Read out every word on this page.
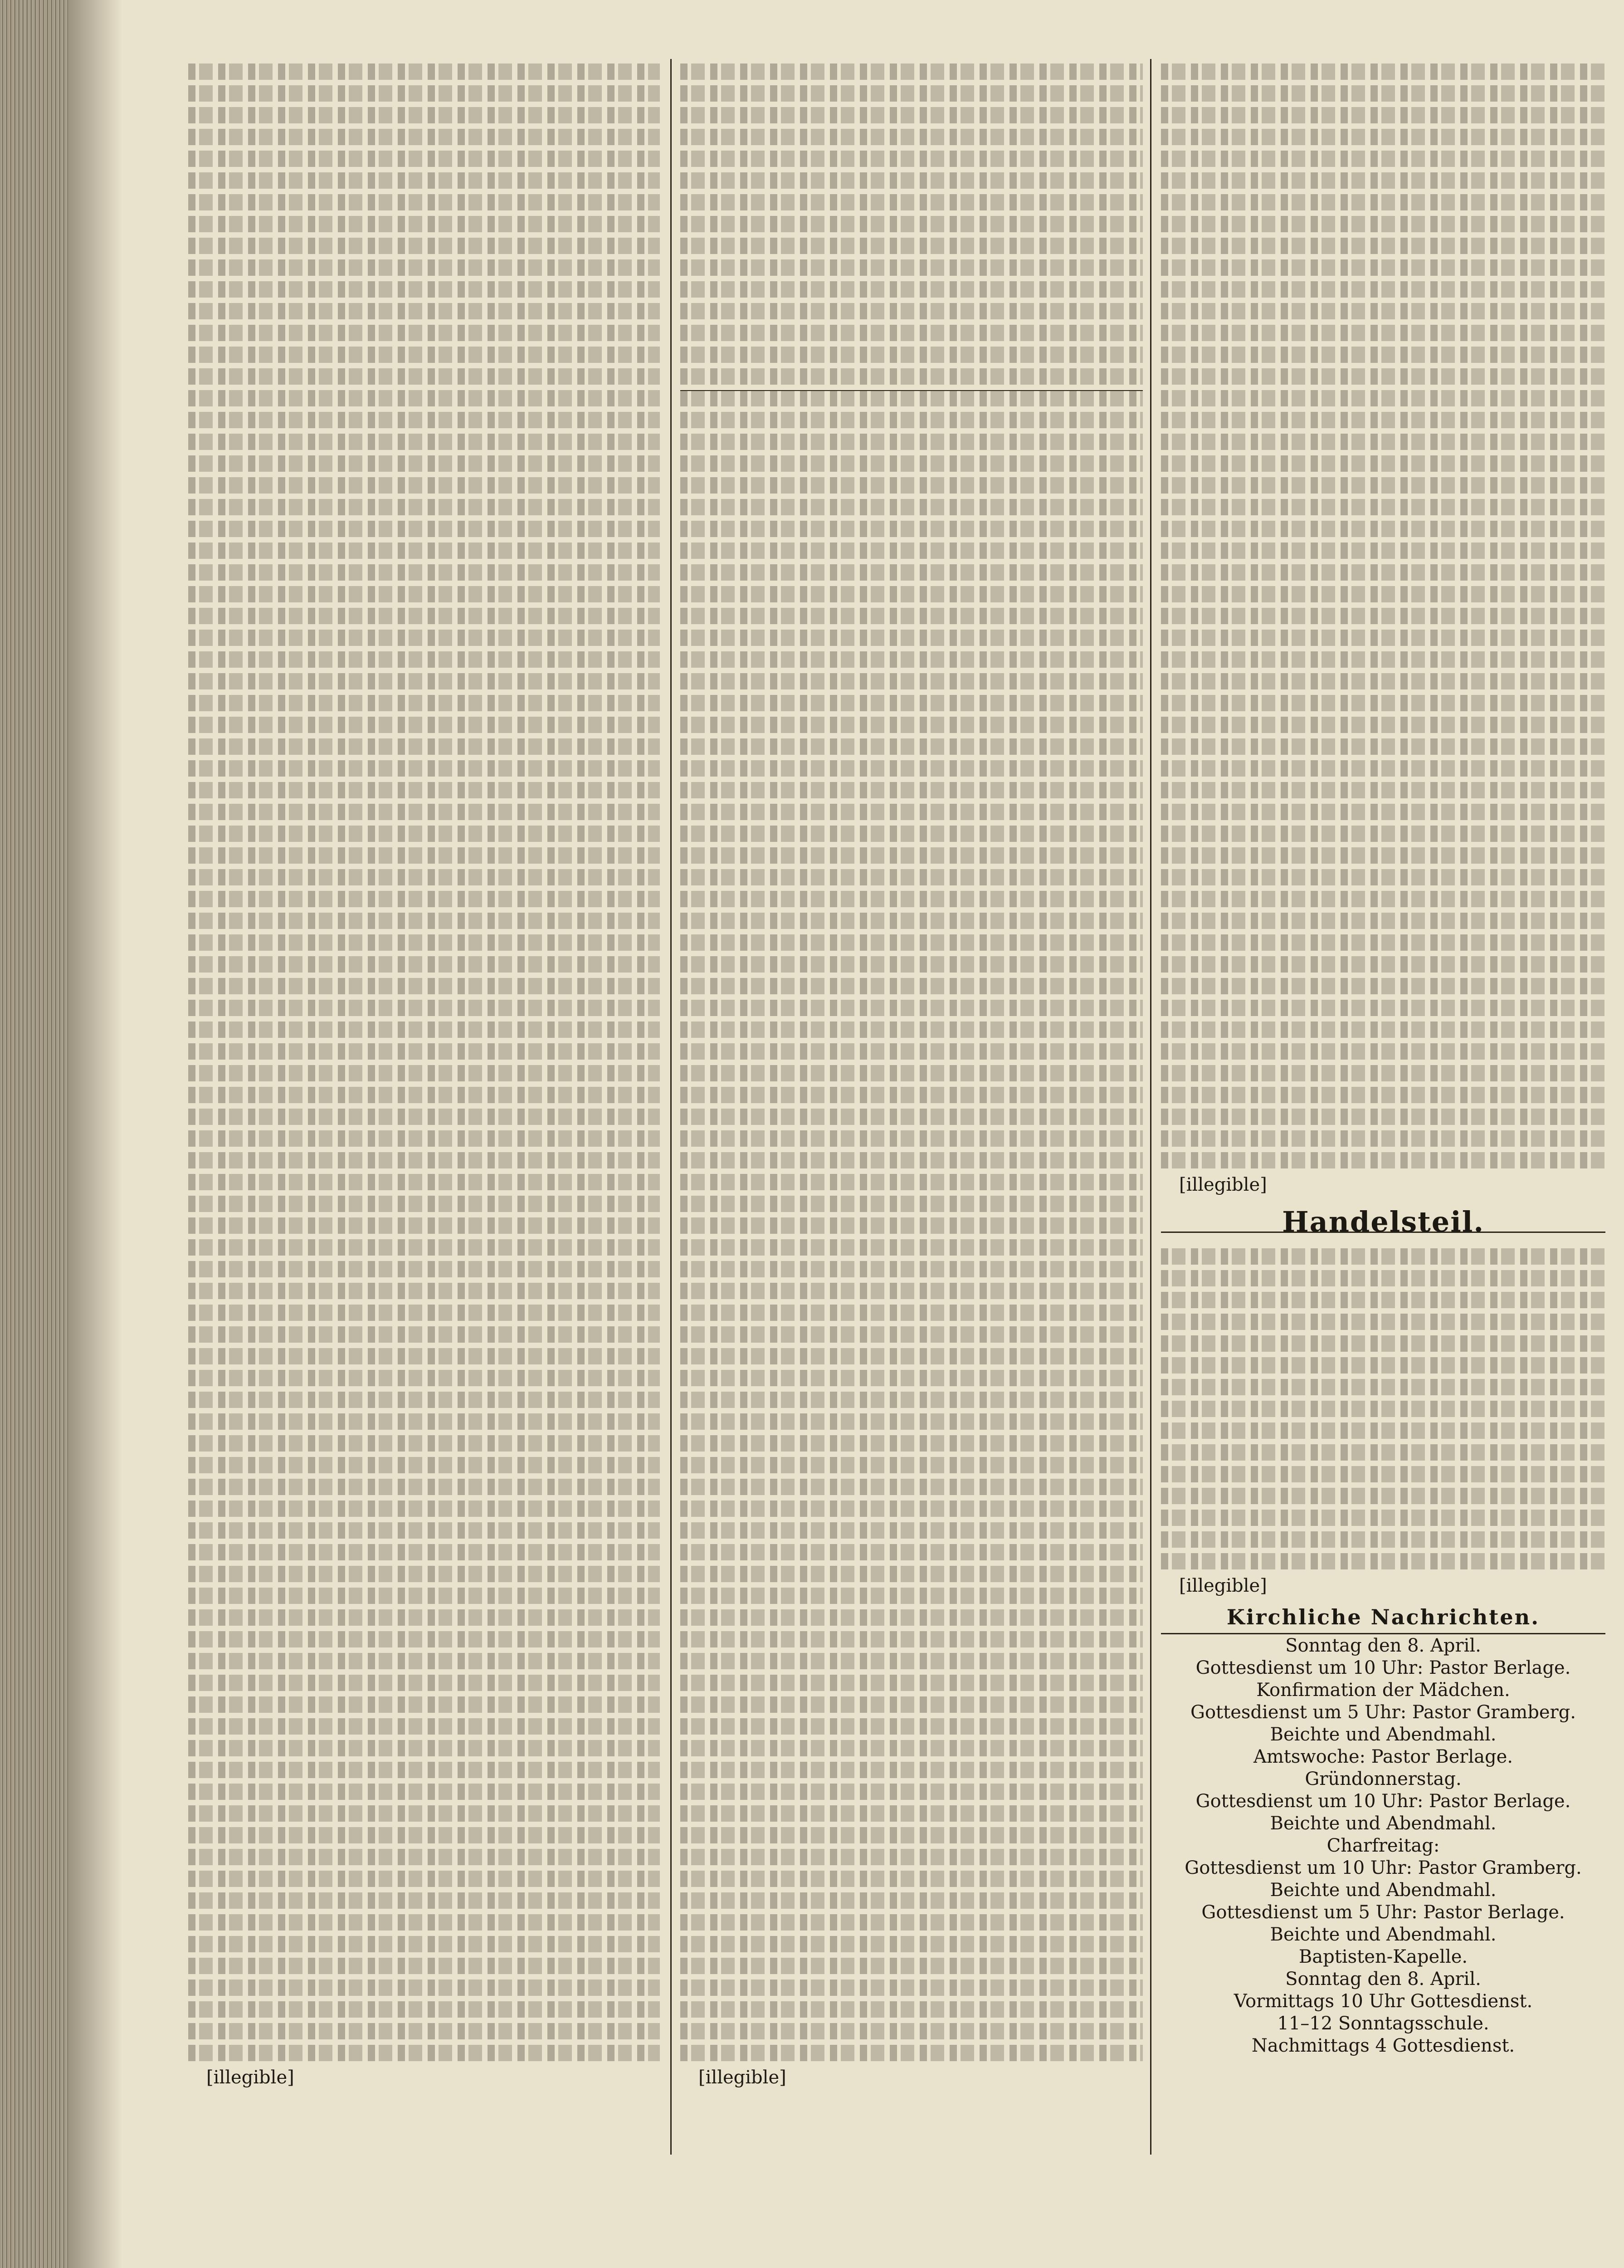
[illegible]	[illegible]

[illegible]

Handelsteil.

[illegible]

Kirchliche Nachrichten.

Sonntag den 8. April.

Gottesdienst um 10 Uhr: Pastor Berlage.

Konfirmation der Mädchen.

Gottesdienst um 5 Uhr: Pastor Gramberg.

Beichte und Abendmahl.

Amtswoche: Pastor Berlage.

Gründonnerstag.

Gottesdienst um 10 Uhr: Pastor Berlage.

Beichte und Abendmahl.

Charfreitag:

Gottesdienst um 10 Uhr: Pastor Gramberg.

Beichte und Abendmahl.

Gottesdienst um 5 Uhr: Pastor Berlage.

Beichte und Abendmahl.

Baptisten-Kapelle.

Sonntag den 8. April.

Vormittags 10 Uhr Gottesdienst.

11–12 Sonntagsschule.

Nachmittags 4 Gottesdienst.
